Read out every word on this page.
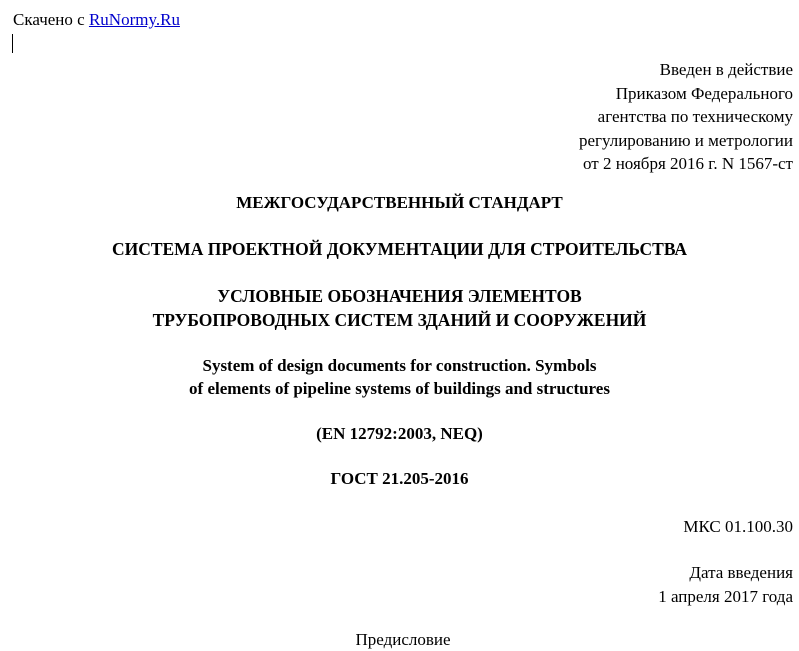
Скачено с RuNormy.Ru
Введен в действие
Приказом Федерального
агентства по техническому
регулированию и метрологии
от 2 ноября 2016 г. N 1567-ст
МЕЖГОСУДАРСТВЕННЫЙ СТАНДАРТ
СИСТЕМА ПРОЕКТНОЙ ДОКУМЕНТАЦИИ ДЛЯ СТРОИТЕЛЬСТВА
УСЛОВНЫЕ ОБОЗНАЧЕНИЯ ЭЛЕМЕНТОВ
ТРУБОПРОВОДНЫХ СИСТЕМ ЗДАНИЙ И СООРУЖЕНИЙ
System of design documents for construction. Symbols
of elements of pipeline systems of buildings and structures
(EN 12792:2003, NEQ)
ГОСТ 21.205-2016
МКС 01.100.30
Дата введения
1 апреля 2017 года
Предисловие
